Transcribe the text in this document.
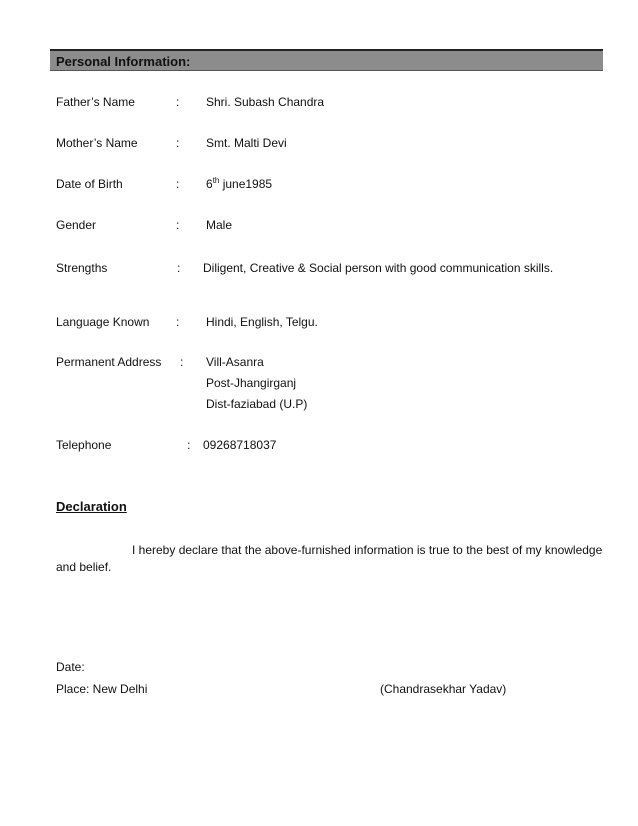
Personal Information:
Father’s Name	: Shri. Subash Chandra
Mother’s Name	: Smt. Malti Devi
Date of Birth	: 6th june1985
Gender	: Male
Strengths	: Diligent, Creative & Social person with good communication skills.
Language Known : Hindi, English, Telgu.
Permanent Address : Vill-Asanra
Post-Jhangirganj
Dist-faziabad (U.P)
Telephone	: 09268718037
Declaration
I hereby declare that the above-furnished information is true to the best of my knowledge
and belief.
Date:
Place: New Delhi	(Chandrasekhar Yadav)
